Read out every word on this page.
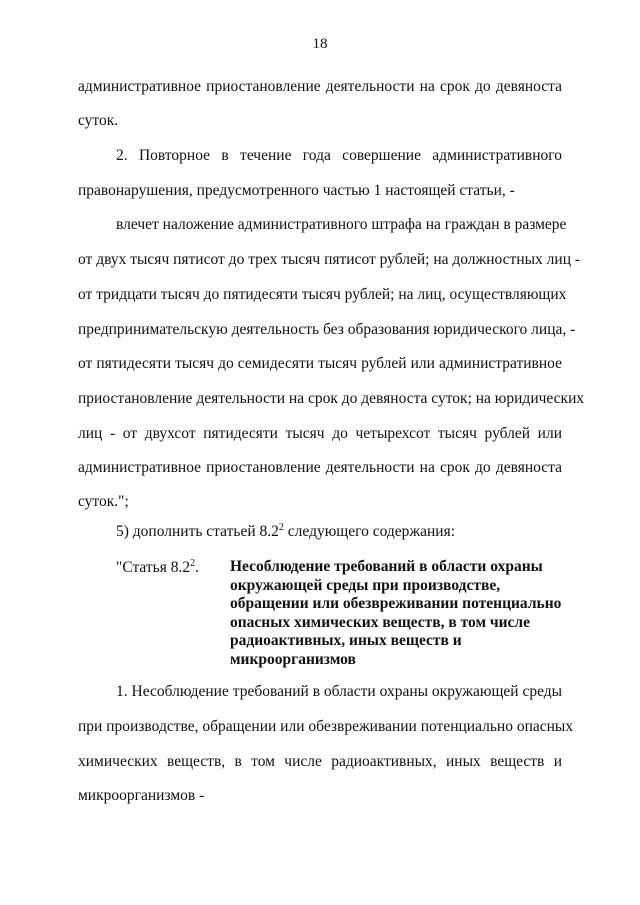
18
административное приостановление деятельности на срок до девяноста
суток.
2. Повторное в течение года совершение административного
правонарушения, предусмотренного частью 1 настоящей статьи, -
влечет наложение административного штрафа на граждан в размере
от двух тысяч пятисот до трех тысяч пятисот рублей; на должностных лиц -
от тридцати тысяч до пятидесяти тысяч рублей; на лиц, осуществляющих
предпринимательскую деятельность без образования юридического лица, -
от пятидесяти тысяч до семидесяти тысяч рублей или административное
приостановление деятельности на срок до девяноста суток; на юридических
лиц - от двухсот пятидесяти тысяч до четырехсот тысяч рублей или
административное приостановление деятельности на срок до девяноста
суток.";
5) дополнить статьей $8.2^2$ следующего содержания:
"Статья $8.2^2$. Несоблюдение требований в области охраны
окружающей среды при производстве,
обращении или обезвреживании потенциально
опасных химических веществ, в том числе
радиоактивных, иных веществ и
микроорганизмов
1. Несоблюдение требований в области охраны окружающей среды
при производстве, обращении или обезвреживании потенциально опасных
химических веществ, в том числе радиоактивных, иных веществ и
микроорганизмов -
